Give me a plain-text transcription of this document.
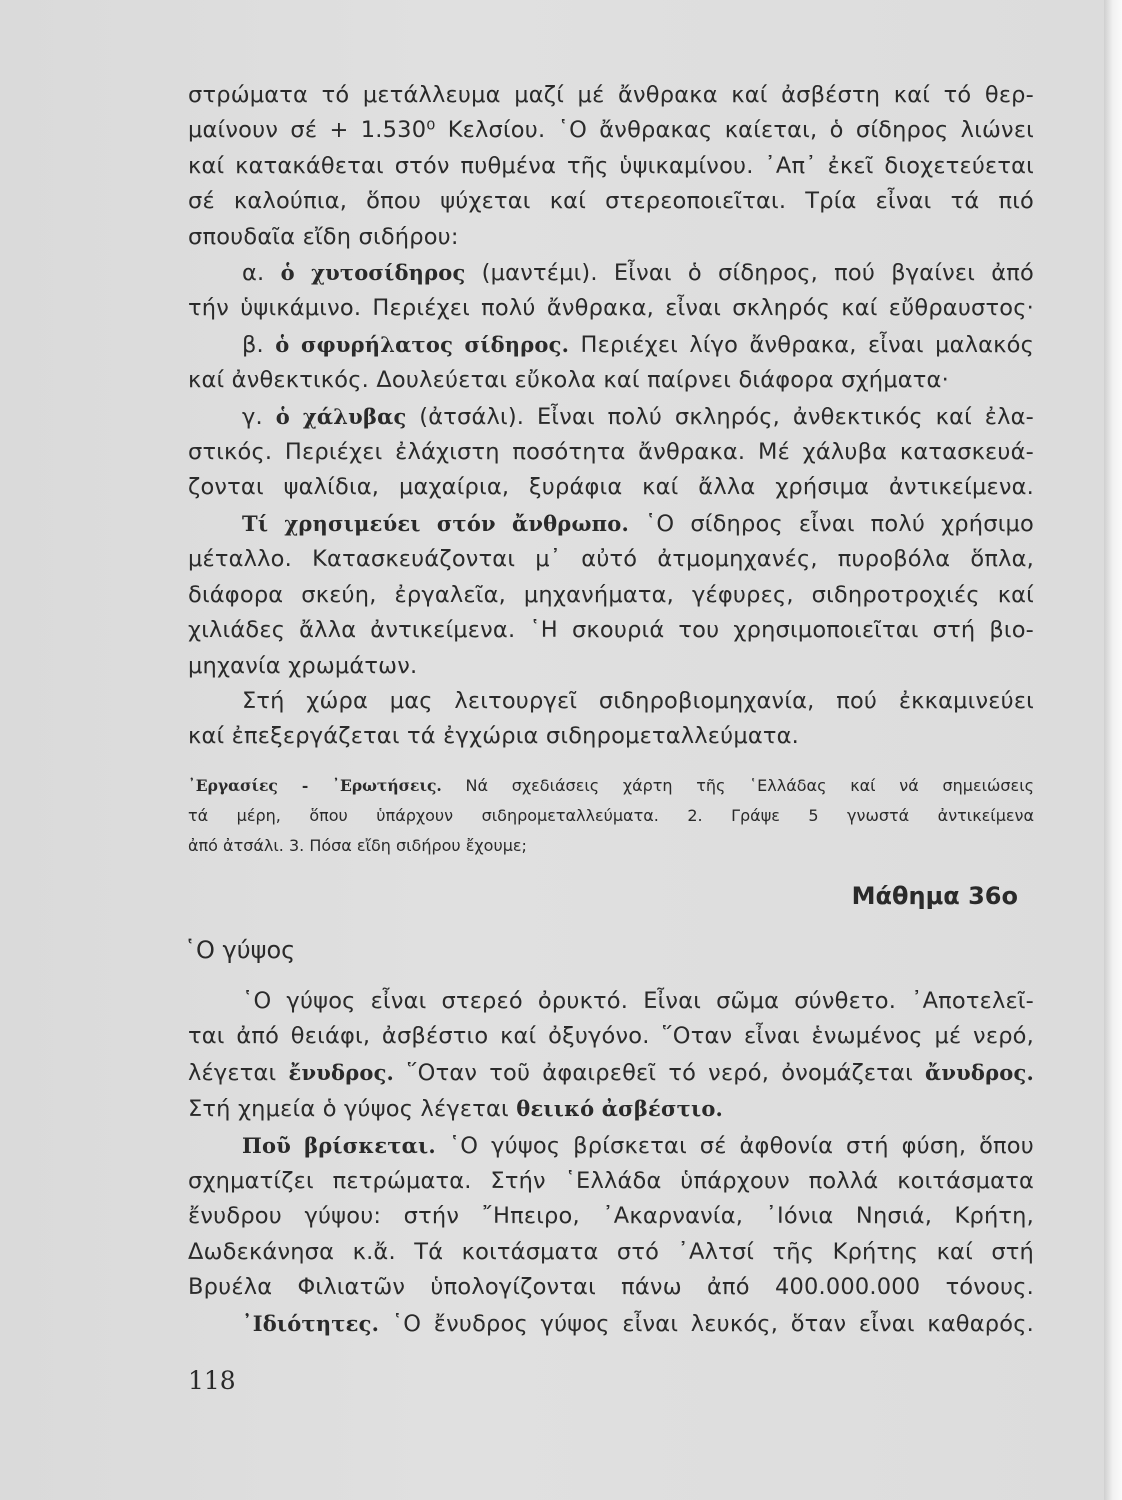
στρώματα τό μετάλλευμα μαζί μέ ἄνθρακα καί ἀσβέστη καί τό θερ-
μαίνουν σέ + 1.530⁰ Κελσίου. ῾Ο ἄνθρακας καίεται, ὁ σίδηρος λιώνει
καί κατακάθεται στόν πυθμένα τῆς ὑψικαμίνου. ᾿Απ᾿ ἐκεῖ διοχετεύεται
σέ καλούπια, ὅπου ψύχεται καί στερεοποιεῖται. Τρία εἶναι τά πιό
σπουδαῖα εἴδη σιδήρου:
α. ὁ χυτοσίδηρος (μαντέμι). Εἶναι ὁ σίδηρος, πού βγαίνει ἀπό
τήν ὑψικάμινο. Περιέχει πολύ ἄνθρακα, εἶναι σκληρός καί εὔθραυστος·
β. ὁ σφυρήλατος σίδηρος. Περιέχει λίγο ἄνθρακα, εἶναι μαλακός
καί ἀνθεκτικός. Δουλεύεται εὔκολα καί παίρνει διάφορα σχήματα·
γ. ὁ χάλυβας (ἀτσάλι). Εἶναι πολύ σκληρός, ἀνθεκτικός καί ἐλα-
στικός. Περιέχει ἐλάχιστη ποσότητα ἄνθρακα. Μέ χάλυβα κατασκευά-
ζονται ψαλίδια, μαχαίρια, ξυράφια καί ἄλλα χρήσιμα ἀντικείμενα.
Τί χρησιμεύει στόν ἄνθρωπο. ῾Ο σίδηρος εἶναι πολύ χρήσιμο
μέταλλο. Κατασκευάζονται μ᾿ αὐτό ἀτμομηχανές, πυροβόλα ὅπλα,
διάφορα σκεύη, ἐργαλεῖα, μηχανήματα, γέφυρες, σιδηροτροχιές καί
χιλιάδες ἄλλα ἀντικείμενα. ῾Η σκουριά του χρησιμοποιεῖται στή βιο-
μηχανία χρωμάτων.
Στή χώρα μας λειτουργεῖ σιδηροβιομηχανία, πού ἐκκαμινεύει
καί ἐπεξεργάζεται τά ἐγχώρια σιδηρομεταλλεύματα.
᾿Εργασίες - ᾿Ερωτήσεις. Νά σχεδιάσεις χάρτη τῆς ῾Ελλάδας καί νά σημειώσεις
τά μέρη, ὅπου ὑπάρχουν σιδηρομεταλλεύματα. 2. Γράψε 5 γνωστά ἀντικείμενα
ἀπό ἀτσάλι. 3. Πόσα εἴδη σιδήρου ἔχουμε;
Μάθημα 36ο
῾Ο γύψος
῾Ο γύψος εἶναι στερεό ὀρυκτό. Εἶναι σῶμα σύνθετο. ᾿Αποτελεῖ-
ται ἀπό θειάφι, ἀσβέστιο καί ὀξυγόνο. ῞Οταν εἶναι ἑνωμένος μέ νερό,
λέγεται ἔνυδρος. ῞Οταν τοῦ ἀφαιρεθεῖ τό νερό, ὀνομάζεται ἄνυδρος.
Στή χημεία ὁ γύψος λέγεται θειικό ἀσβέστιο.
Ποῦ βρίσκεται. ῾Ο γύψος βρίσκεται σέ ἀφθονία στή φύση, ὅπου
σχηματίζει πετρώματα. Στήν ῾Ελλάδα ὑπάρχουν πολλά κοιτάσματα
ἔνυδρου γύψου: στήν ῎Ηπειρο, ᾿Ακαρνανία, ᾿Ιόνια Νησιά, Κρήτη,
Δωδεκάνησα κ.ἄ. Τά κοιτάσματα στό ᾿Αλτσί τῆς Κρήτης καί στή
Βρυέλα Φιλιατῶν ὑπολογίζονται πάνω ἀπό 400.000.000 τόνους.
᾿Ιδιότητες. ῾Ο ἔνυδρος γύψος εἶναι λευκός, ὅταν εἶναι καθαρός.
118
